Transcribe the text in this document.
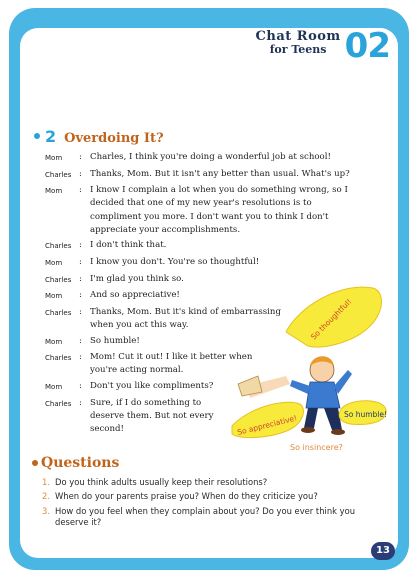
Chat Room
for Teens 02
2 Overdoing It?
Mom	: Charles, I think you're doing a wonderful job at school!
Charles : Thanks, Mom. But it isn't any better than usual. What's up?
Mom	: I know I complain a lot when you do something wrong, so I decided that one of my new year's resolutions is to compliment you more. I don't want you to think I don't appreciate your accomplishments.
Charles : I don't think that.
Mom	: I know you don't. You're so thoughtful!
Charles : I'm glad you think so.
Mom	: And so appreciative!
Charles : Thanks, Mom. But it's kind of embarrassing when you act this way.
Mom	: So humble!
Charles : Mom! Cut it out! I like it better when you're acting normal.
Mom	: Don't you like compliments?
Charles : Sure, if I do something to deserve them. But not every second!
So thoughtful!
So appreciative!	So humble!
So insincere?
Questions
1. Do you think adults usually keep their resolutions?
2. When do your parents praise you? When do they criticize you?
3. How do you feel when they complain about you? Do you ever think you deserve it?
13
